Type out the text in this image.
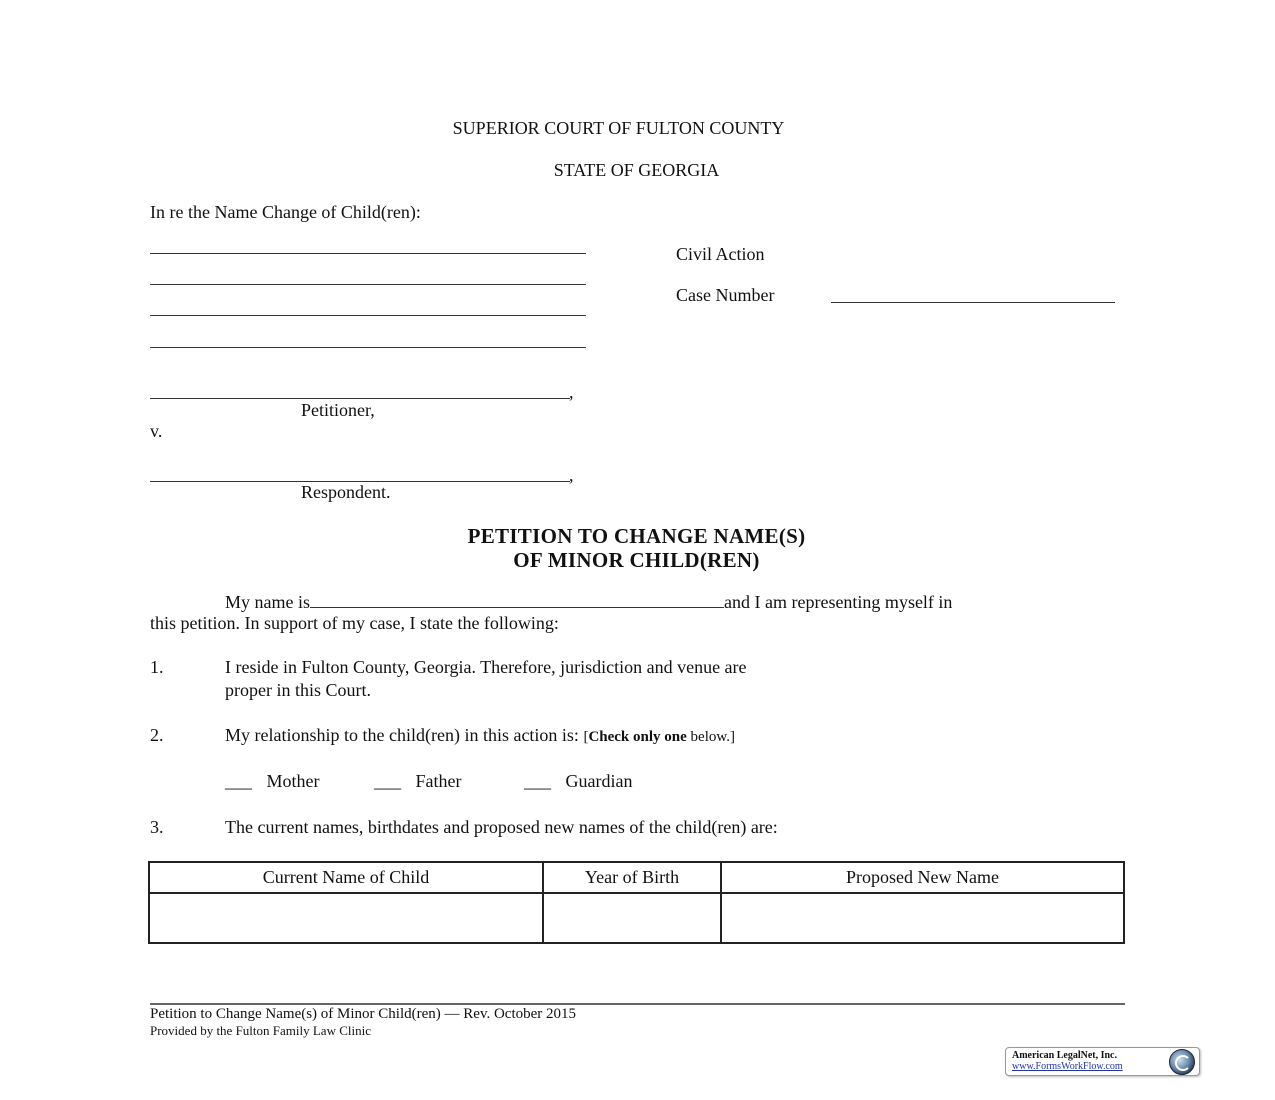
SUPERIOR COURT OF FULTON COUNTY
STATE OF GEORGIA
In re the Name Change of Child(ren):
Civil Action
Case Number
,
Petitioner,
v.
,
Respondent.
PETITION TO CHANGE NAME(S)
OF MINOR CHILD(REN)
My name is	and I am representing myself in
this petition. In support of my case, I state the following:
1.	I reside in Fulton County, Georgia. Therefore, jurisdiction and venue are
proper in this Court.
2.	My relationship to the child(ren) in this action is: [Check only one below.]
___ Mother	___ Father	___ Guardian
3.	The current names, birthdates and proposed new names of the child(ren) are:
Current Name of Child	Year of Birth	Proposed New Name

Petition to Change Name(s) of Minor Child(ren) — Rev. October 2015
Provided by the Fulton Family Law Clinic
American LegalNet, Inc.
www.FormsWorkFlow.com
